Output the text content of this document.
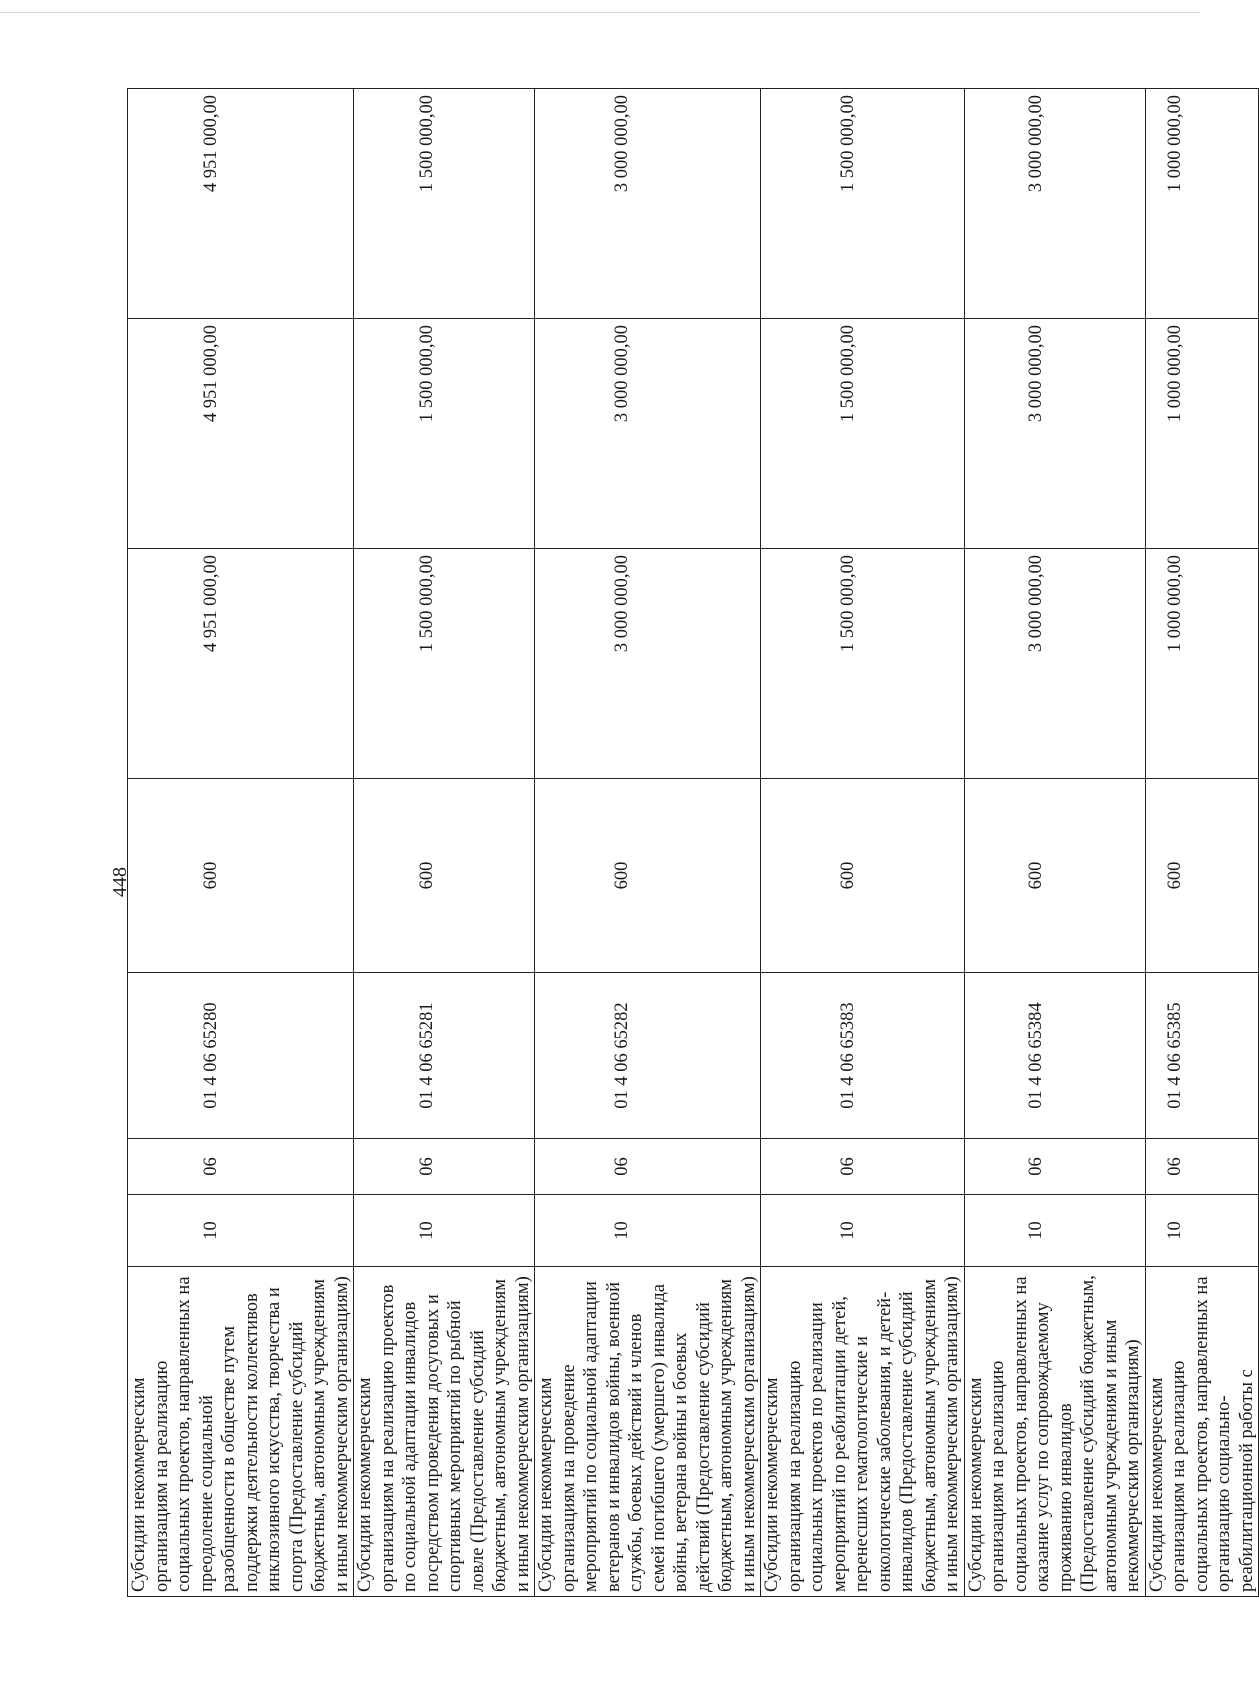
448
Субсидии некоммерческим организациям на реализацию социальных проектов, направленных на преодоление социальной разобщенности в обществе путем поддержки деятельности коллективов инклюзивного искусства, творчества и спорта (Предоставление субсидий бюджетным, автономным учреждениям и иным некоммерческим организациям)	10	06	01 4 06 65280	600	4 951 000,00	4 951 000,00	4 951 000,00
Субсидии некоммерческим организациям на реализацию проектов по социальной адаптации инвалидов посредством проведения досуговых и спортивных мероприятий по рыбной ловле (Предоставление субсидий бюджетным, автономным учреждениям и иным некоммерческим организациям)	10	06	01 4 06 65281	600	1 500 000,00	1 500 000,00	1 500 000,00
Субсидии некоммерческим организациям на проведение мероприятий по социальной адаптации ветеранов и инвалидов войны, военной службы, боевых действий и членов семей погибшего (умершего) инвалида войны, ветерана войны и боевых действий (Предоставление субсидий бюджетным, автономным учреждениям и иным некоммерческим организациям)	10	06	01 4 06 65282	600	3 000 000,00	3 000 000,00	3 000 000,00
Субсидии некоммерческим организациям на реализацию социальных проектов по реализации мероприятий по реабилитации детей, перенесших гематологические и онкологические заболевания, и детей-инвалидов (Предоставление субсидий бюджетным, автономным учреждениям и иным некоммерческим организациям)	10	06	01 4 06 65383	600	1 500 000,00	1 500 000,00	1 500 000,00
Субсидии некоммерческим организациям на реализацию социальных проектов, направленных на оказание услуг по сопровождаемому проживанию инвалидов (Предоставление субсидий бюджетным, автономным учреждениям и иным некоммерческим организациям)	10	06	01 4 06 65384	600	3 000 000,00	3 000 000,00	3 000 000,00
Субсидии некоммерческим организациям на реализацию социальных проектов, направленных на организацию социально-реабилитационной работы с	10	06	01 4 06 65385	600	1 000 000,00	1 000 000,00	1 000 000,00
